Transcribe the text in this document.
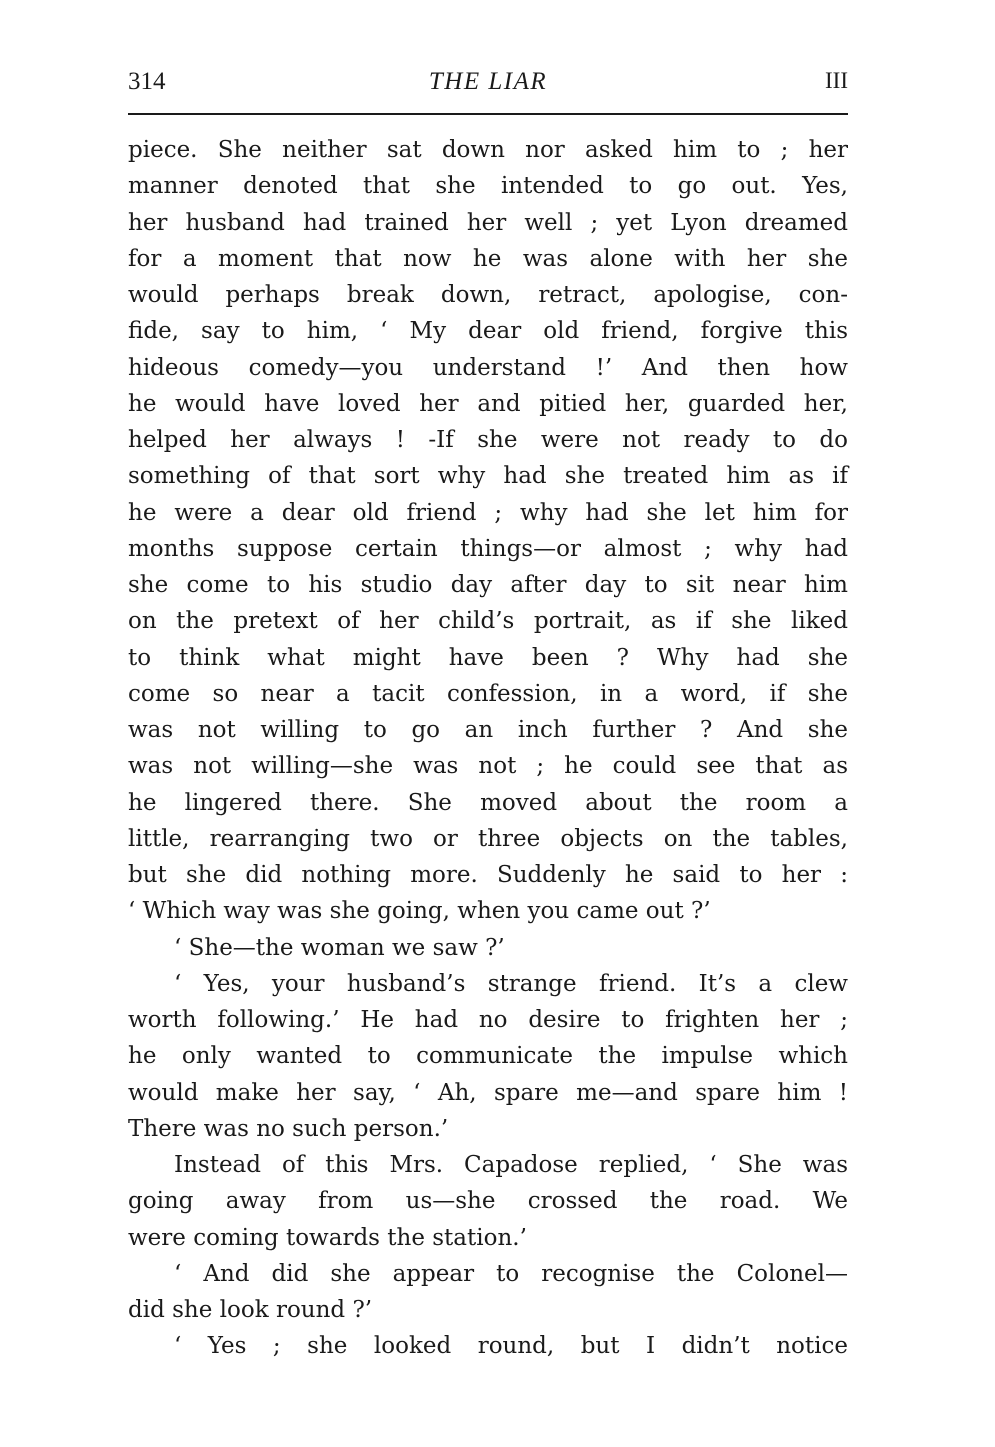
314	THE LIAR	III
piece. She neither sat down nor asked him to ; her
manner denoted that she intended to go out. Yes,
her husband had trained her well ; yet Lyon dreamed
for a moment that now he was alone with her she
would perhaps break down, retract, apologise, con-
fide, say to him, ‘ My dear old friend, forgive this
hideous comedy—you understand !’ And then how
he would have loved her and pitied her, guarded her,
helped her always ! -If she were not ready to do
something of that sort why had she treated him as if
he were a dear old friend ; why had she let him for
months suppose certain things—or almost ; why had
she come to his studio day after day to sit near him
on the pretext of her child’s portrait, as if she liked
to think what might have been ? Why had she
come so near a tacit confession, in a word, if she
was not willing to go an inch further ? And she
was not willing—she was not ; he could see that as
he lingered there. She moved about the room a
little, rearranging two or three objects on the tables,
but she did nothing more. Suddenly he said to her :
‘ Which way was she going, when you came out ?’
‘ She—the woman we saw ?’
‘ Yes, your husband’s strange friend. It’s a clew
worth following.’ He had no desire to frighten her ;
he only wanted to communicate the impulse which
would make her say, ‘ Ah, spare me—and spare him !
There was no such person.’
Instead of this Mrs. Capadose replied, ‘ She was
going away from us—she crossed the road. We
were coming towards the station.’
‘ And did she appear to recognise the Colonel—
did she look round ?’
‘ Yes ; she looked round, but I didn’t notice
